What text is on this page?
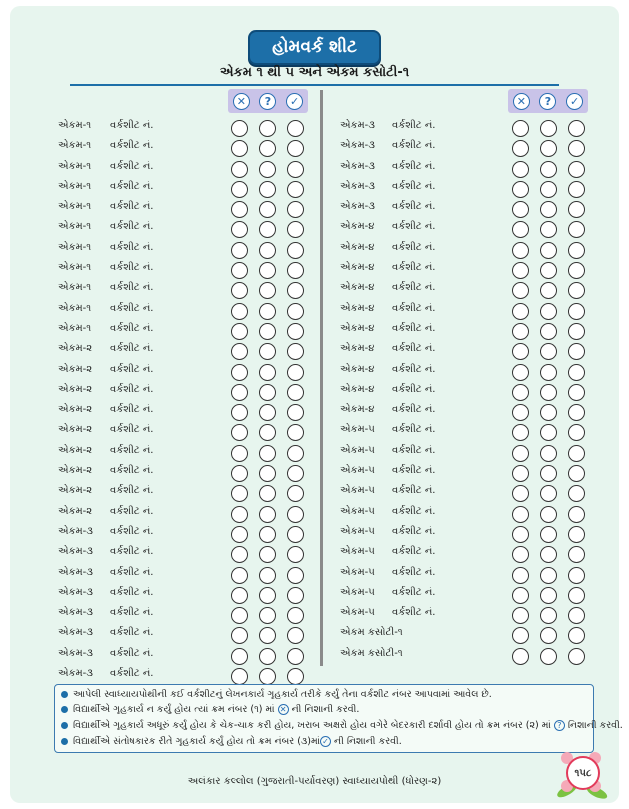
હોમવર્ક શીટ
એકમ ૧ થી ૫ અને એકમ કસોટી-૧
✕	?	✓	✕	?	✓
એકમ-૧ વર્કશીટ નં.
એકમ-૧ વર્કશીટ નં.
એકમ-૧ વર્કશીટ નં.
એકમ-૧ વર્કશીટ નં.
એકમ-૧ વર્કશીટ નં.
એકમ-૧ વર્કશીટ નં.
એકમ-૧ વર્કશીટ નં.
એકમ-૧ વર્કશીટ નં.
એકમ-૧ વર્કશીટ નં.
એકમ-૧ વર્કશીટ નં.
એકમ-૧ વર્કશીટ નં.
એકમ-૨ વર્કશીટ નં.
એકમ-૨ વર્કશીટ નં.
એકમ-૨ વર્કશીટ નં.
એકમ-૨ વર્કશીટ નં.
એકમ-૨ વર્કશીટ નં.
એકમ-૨ વર્કશીટ નં.
એકમ-૨ વર્કશીટ નં.
એકમ-૨ વર્કશીટ નં.
એકમ-૨ વર્કશીટ નં.
એકમ-૩ વર્કશીટ નં.
એકમ-૩ વર્કશીટ નં.
એકમ-૩ વર્કશીટ નં.
એકમ-૩ વર્કશીટ નં.
એકમ-૩ વર્કશીટ નં.
એકમ-૩ વર્કશીટ નં.
એકમ-૩ વર્કશીટ નં.
એકમ-૩ વર્કશીટ નં.
એકમ-૩ વર્કશીટ નં.
એકમ-૩ વર્કશીટ નં.
એકમ-૩ વર્કશીટ નં.
એકમ-૩ વર્કશીટ નં.
એકમ-૩ વર્કશીટ નં.
એકમ-૪ વર્કશીટ નં.
એકમ-૪ વર્કશીટ નં.
એકમ-૪ વર્કશીટ નં.
એકમ-૪ વર્કશીટ નં.
એકમ-૪ વર્કશીટ નં.
એકમ-૪ વર્કશીટ નં.
એકમ-૪ વર્કશીટ નં.
એકમ-૪ વર્કશીટ નં.
એકમ-૪ વર્કશીટ નં.
એકમ-૪ વર્કશીટ નં.
એકમ-૫ વર્કશીટ નં.
એકમ-૫ વર્કશીટ નં.
એકમ-૫ વર્કશીટ નં.
એકમ-૫ વર્કશીટ નં.
એકમ-૫ વર્કશીટ નં.
એકમ-૫ વર્કશીટ નં.
એકમ-૫ વર્કશીટ નં.
એકમ-૫ વર્કશીટ નં.
એકમ-૫ વર્કશીટ નં.
એકમ-૫ વર્કશીટ નં.
એકમ કસોટી-૧
એકમ કસોટી-૧
આપેલી સ્વાધ્યાયપોથીની કઈ વર્કશીટનું લેખનકાર્ય ગૃહકાર્ય તરીકે કર્યું તેના વર્કશીટ નંબર આપવામાં આવેલ છે.
વિદ્યાર્થીએ ગૃહકાર્ય ન કર્યું હોય ત્યાં ક્રમ નંબર (૧) માં ✕ ની નિશાની કરવી.
વિદ્યાર્થીએ ગૃહકાર્ય અધૂરું કર્યું હોય કે ચેક-ચાક કરી હોય, ખરાબ અક્ષરો હોય વગેરે બેદરકારી દર્શાવી હોય તો ક્રમ નંબર (૨) માં ? નિશાની કરવી.
વિદ્યાર્થીએ સંતોષકારક રીતે ગૃહકાર્ય કર્યું હોય તો ક્રમ નંબર (૩)માં ✓ ની નિશાની કરવી.
અલંકાર કલ્લોલ (ગુજરાતી-પર્યાવરણ) સ્વાધ્યાયપોથી (ધોરણ-૨)
૧૫૮
